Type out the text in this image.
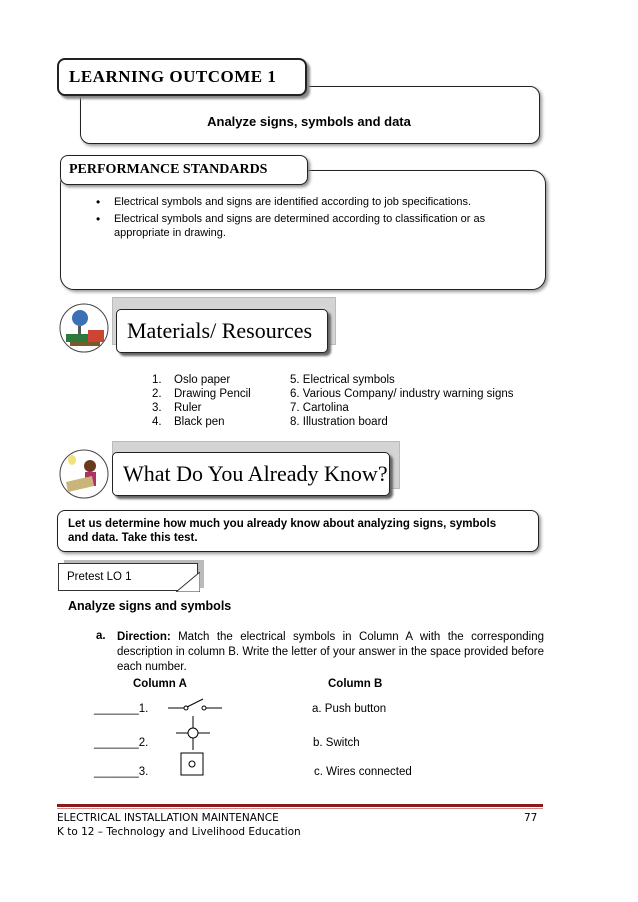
LEARNING OUTCOME 1
Analyze signs, symbols and data
PERFORMANCE STANDARDS
• Electrical symbols and signs are identified according to job specifications.
• Electrical symbols and signs are determined according to classification or as appropriate in drawing.
Materials/ Resources
1.	Oslo paper
2.	Drawing Pencil
3.	Ruler
4.	Black pen
5. Electrical symbols
6. Various Company/ industry warning signs
7. Cartolina
8. Illustration board
What Do You Already Know?
Let us determine how much you already know about analyzing signs, symbols
and data. Take this test.
Pretest LO 1
Analyze signs and symbols
a. Direction: Match the electrical symbols in Column A with the corresponding description in column B. Write the letter of your answer in the space provided before each number.
Column A	Column B
_______1.	a. Push button
_______2.	b. Switch
_______3.	c. Wires connected
ELECTRICAL INSTALLATION MAINTENANCE
K to 12 – Technology and Livelihood Education
77
